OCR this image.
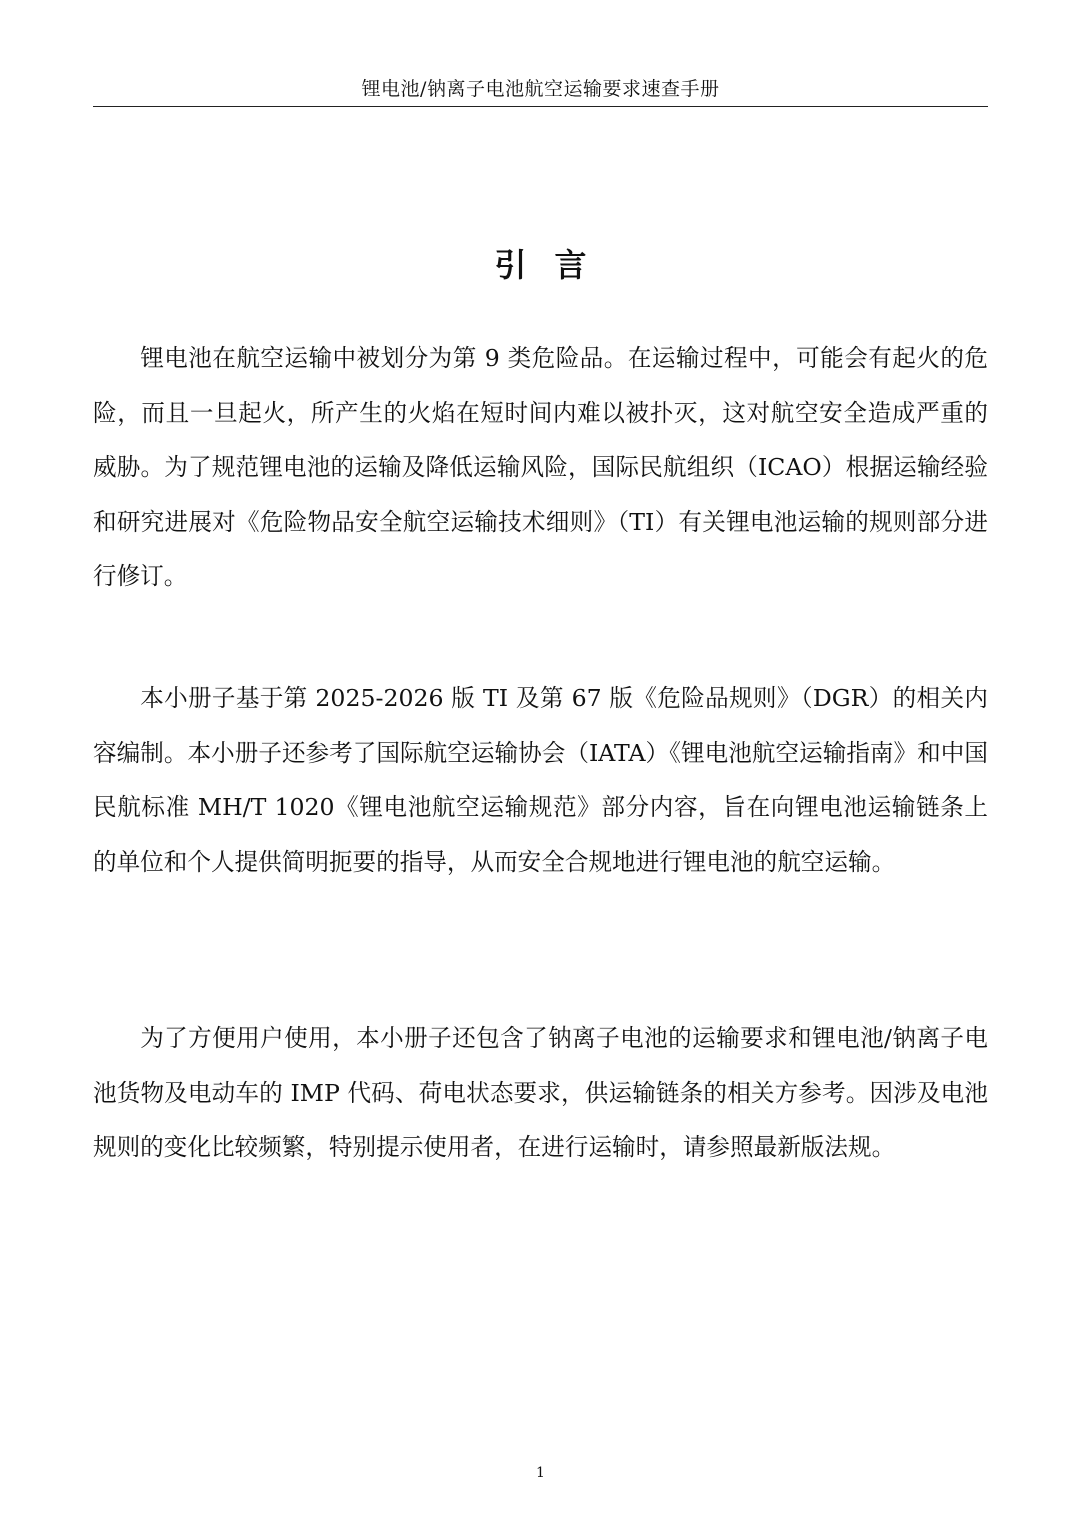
锂电池/钠离子电池航空运输要求速查手册
引言

锂电池在航空运输中被划分为第 9 类危险品。在运输过程中，可能会有起火的危险，而且一旦起火，所产生的火焰在短时间内难以被扑灭，这对航空安全造成严重的威胁。为了规范锂电池的运输及降低运输风险，国际民航组织（ICAO）根据运输经验和研究进展对《危险物品安全航空运输技术细则》（TI）有关锂电池运输的规则部分进行修订。

本小册子基于第 2025-2026 版 TI 及第 67 版《危险品规则》（DGR）的相关内容编制。本小册子还参考了国际航空运输协会（IATA）《锂电池航空运输指南》和中国民航标准 MH/T 1020《锂电池航空运输规范》部分内容，旨在向锂电池运输链条上的单位和个人提供简明扼要的指导，从而安全合规地进行锂电池的航空运输。

为了方便用户使用，本小册子还包含了钠离子电池的运输要求和锂电池/钠离子电池货物及电动车的 IMP 代码、荷电状态要求，供运输链条的相关方参考。因涉及电池规则的变化比较频繁，特别提示使用者，在进行运输时，请参照最新版法规。

1
